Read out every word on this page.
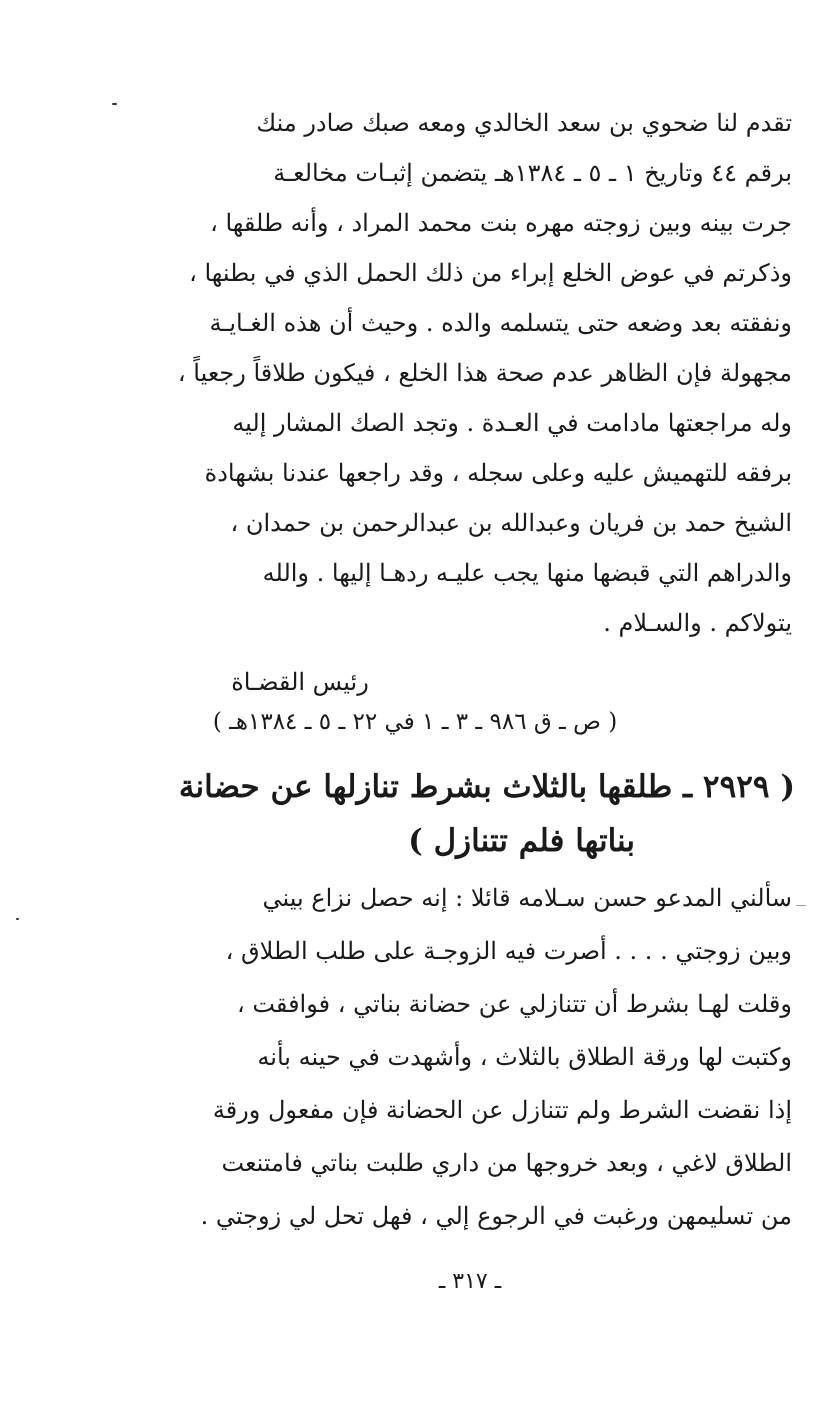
تقدم لنا ضحوي بن سعد الخالدي ومعه صبك صادر منك
برقم ٤٤ وتاريخ ١ ـ ٥ ـ ١٣٨٤هـ يتضمن إثبـات مخالعـة
جرت بينه وبين زوجته مهره بنت محمد المراد ، وأنه طلقها ،
وذكرتم في عوض الخلع إبراء من ذلك الحمل الذي في بطنها ،
ونفقته بعد وضعه حتى يتسلمه والده . وحيث أن هذه الغـايـة
مجهولة فإن الظاهر عدم صحة هذا الخلع ، فيكون طلاقاً رجعياً ،
وله مراجعتها مادامت في العـدة . وتجد الصك المشار إليه
برفقه للتهميش عليه وعلى سجله ، وقد راجعها عندنا بشهادة
الشيخ حمد بن فريان وعبدالله بن عبدالرحمن بن حمدان ،
والدراهم التي قبضها منها يجب عليـه ردهـا إليها . والله
يتولاكم . والسـلام .
رئيس القضـاة
( ص ـ ق ٩٨٦ ـ ٣ ـ ١ في ٢٢ ـ ٥ ـ ١٣٨٤هـ )
( ٢٩٢٩ ـ طلقها بالثلاث بشرط تنازلها عن حضانة
بناتها فلم تتنازل )
سألني المدعو حسن سـلامه قائلا : إنه حصل نزاع بيني
وبين زوجتي . . . . أصرت فيه الزوجـة على طلب الطلاق ،
وقلت لهـا بشرط أن تتنازلي عن حضانة بناتي ، فوافقت ،
وكتبت لها ورقة الطلاق بالثلاث ، وأشهدت في حينه بأنه
إذا نقضت الشرط ولم تتنازل عن الحضانة فإن مفعول ورقة
الطلاق لاغي ، وبعد خروجها من داري طلبت بناتي فامتنعت
من تسليمهن ورغبت في الرجوع إلي ، فهل تحل لي زوجتي .
ـ ٣١٧ ـ
